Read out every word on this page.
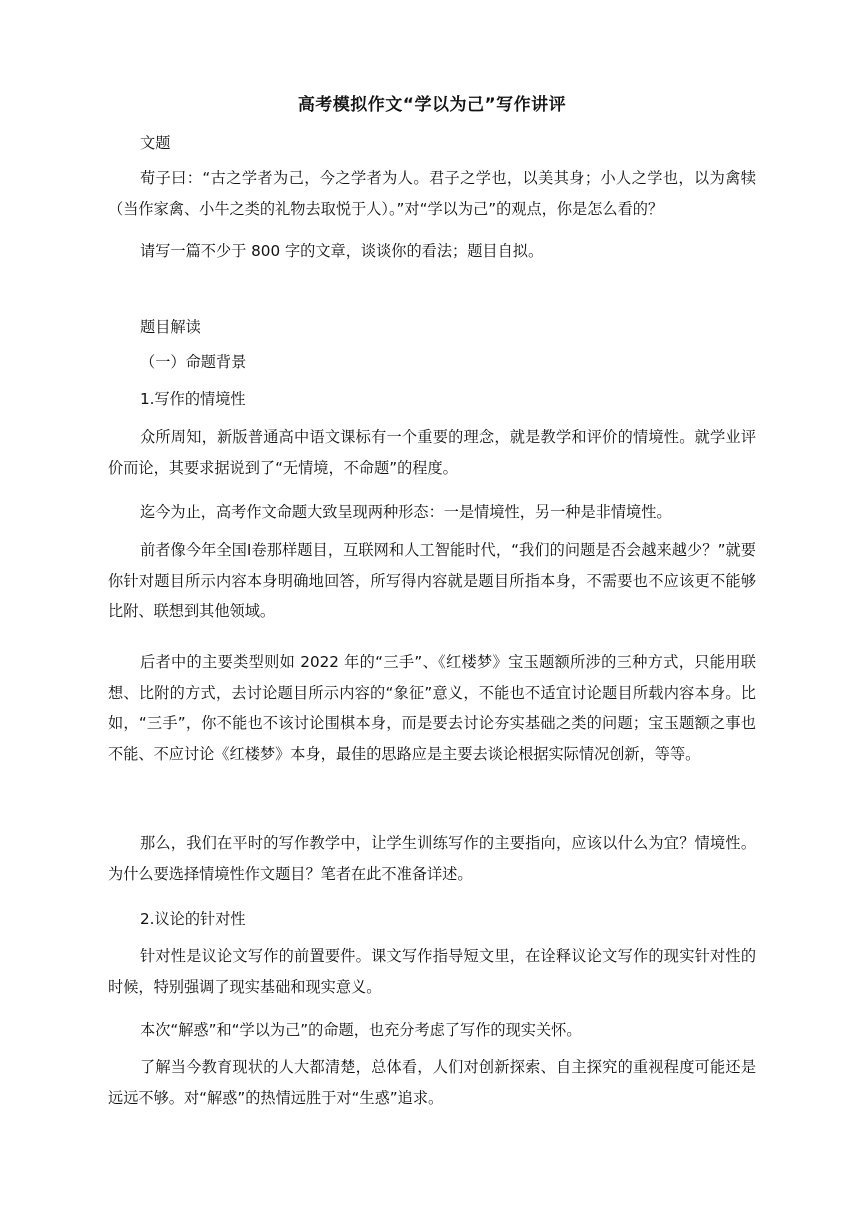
高考模拟作文“学以为己”写作讲评
文题
荀子曰：“古之学者为己，今之学者为人。君子之学也，以美其身；小人之学也，以为禽犊（当作家禽、小牛之类的礼物去取悦于人）。”对“学以为己”的观点，你是怎么看的？
请写一篇不少于 800 字的文章，谈谈你的看法；题目自拟。
题目解读
（一）命题背景
1.写作的情境性
众所周知，新版普通高中语文课标有一个重要的理念，就是教学和评价的情境性。就学业评价而论，其要求据说到了“无情境，不命题”的程度。
迄今为止，高考作文命题大致呈现两种形态：一是情境性，另一种是非情境性。
前者像今年全国Ⅰ卷那样题目，互联网和人工智能时代，“我们的问题是否会越来越少？”就要你针对题目所示内容本身明确地回答，所写得内容就是题目所指本身，不需要也不应该更不能够比附、联想到其他领域。
后者中的主要类型则如 2022 年的“三手”、《红楼梦》宝玉题额所涉的三种方式，只能用联想、比附的方式，去讨论题目所示内容的“象征”意义，不能也不适宜讨论题目所载内容本身。比如，“三手”，你不能也不该讨论围棋本身，而是要去讨论夯实基础之类的问题；宝玉题额之事也不能、不应讨论《红楼梦》本身，最佳的思路应是主要去谈论根据实际情况创新，等等。
那么，我们在平时的写作教学中，让学生训练写作的主要指向，应该以什么为宜？情境性。为什么要选择情境性作文题目？笔者在此不准备详述。
2.议论的针对性
针对性是议论文写作的前置要件。课文写作指导短文里，在诠释议论文写作的现实针对性的时候，特别强调了现实基础和现实意义。
本次“解惑”和“学以为己”的命题，也充分考虑了写作的现实关怀。
了解当今教育现状的人大都清楚，总体看，人们对创新探索、自主探究的重视程度可能还是远远不够。对“解惑”的热情远胜于对“生惑”追求。
